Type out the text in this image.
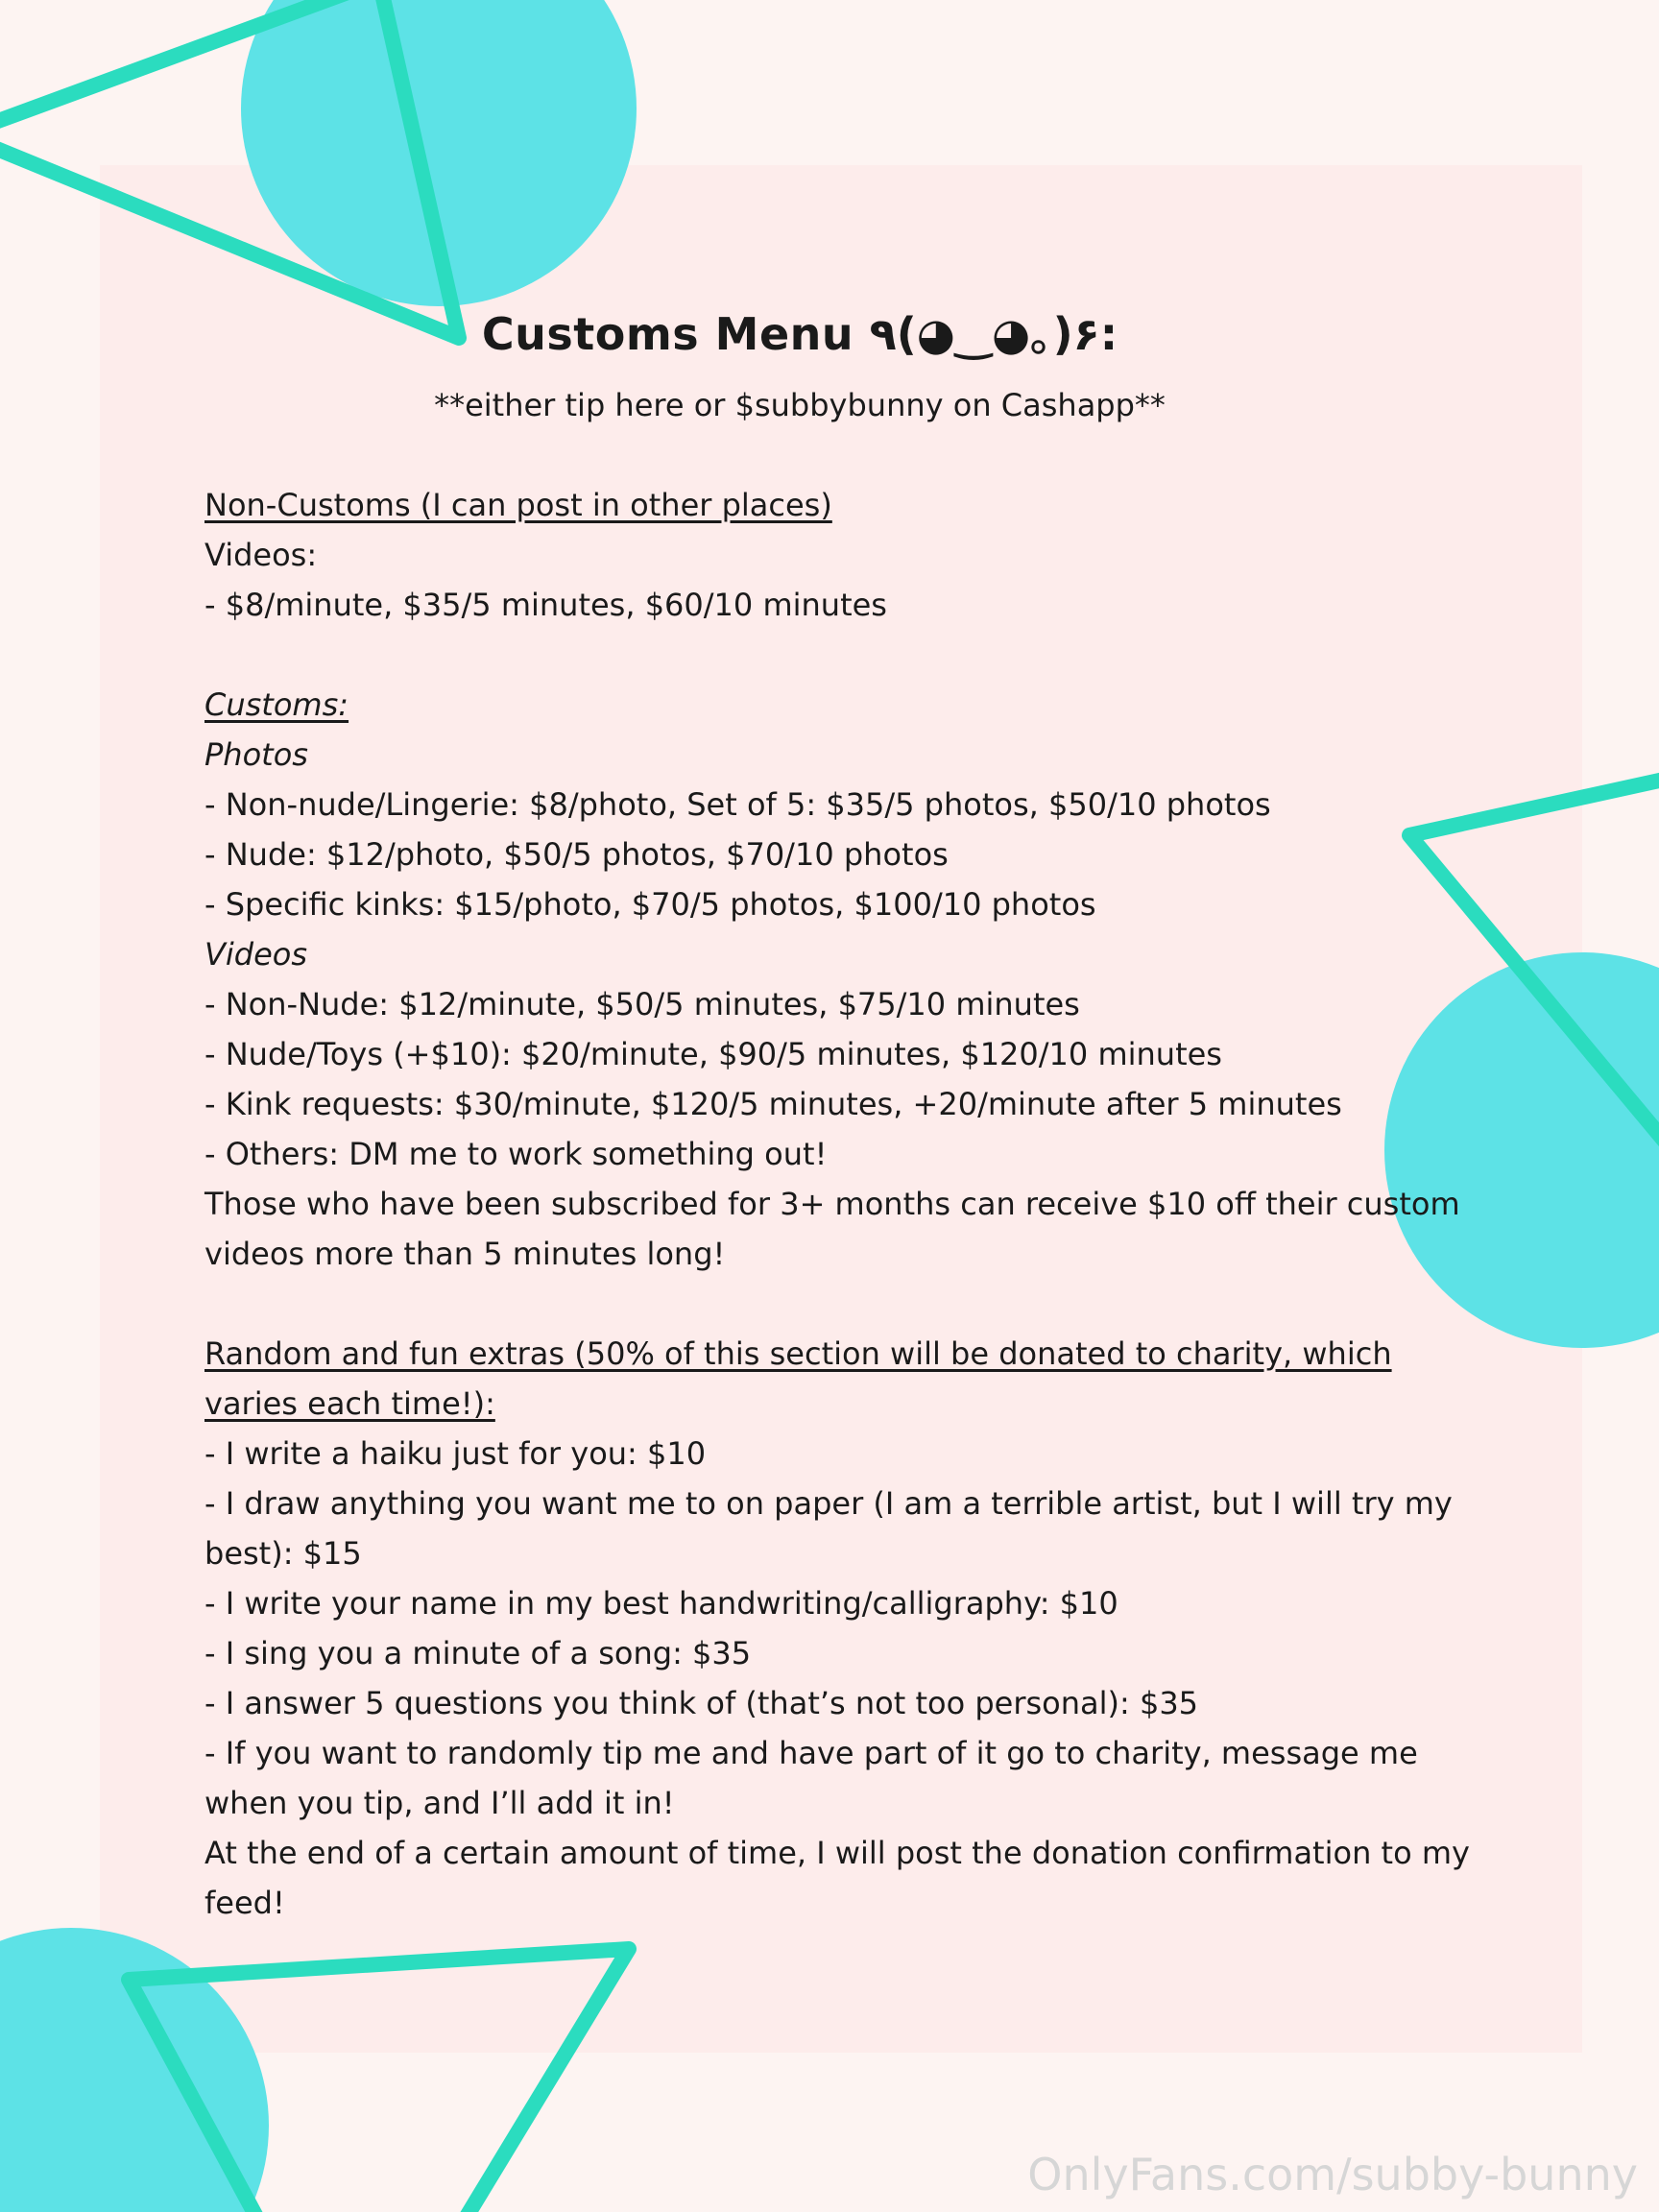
Customs Menu ٩(◕‿◕｡)۶:
**either tip here or $subbybunny on Cashapp**
Non-Customs (I can post in other places)
Videos:
- $8/minute, $35/5 minutes, $60/10 minutes
Customs:
Photos
- Non-nude/Lingerie: $8/photo, Set of 5: $35/5 photos, $50/10 photos
- Nude: $12/photo, $50/5 photos, $70/10 photos
- Specific kinks: $15/photo, $70/5 photos, $100/10 photos
Videos
- Non-Nude: $12/minute, $50/5 minutes, $75/10 minutes
- Nude/Toys (+$10): $20/minute, $90/5 minutes, $120/10 minutes
- Kink requests: $30/minute, $120/5 minutes, +20/minute after 5 minutes
- Others: DM me to work something out!
Those who have been subscribed for 3+ months can receive $10 off their custom videos more than 5 minutes long!
Random and fun extras (50% of this section will be donated to charity, which varies each time!):
- I write a haiku just for you: $10
- I draw anything you want me to on paper (I am a terrible artist, but I will try my best): $15
- I write your name in my best handwriting/calligraphy: $10
- I sing you a minute of a song: $35
- I answer 5 questions you think of (that’s not too personal): $35
- If you want to randomly tip me and have part of it go to charity, message me when you tip, and I’ll add it in!
At the end of a certain amount of time, I will post the donation confirmation to my feed!
OnlyFans.com/subby-bunny
